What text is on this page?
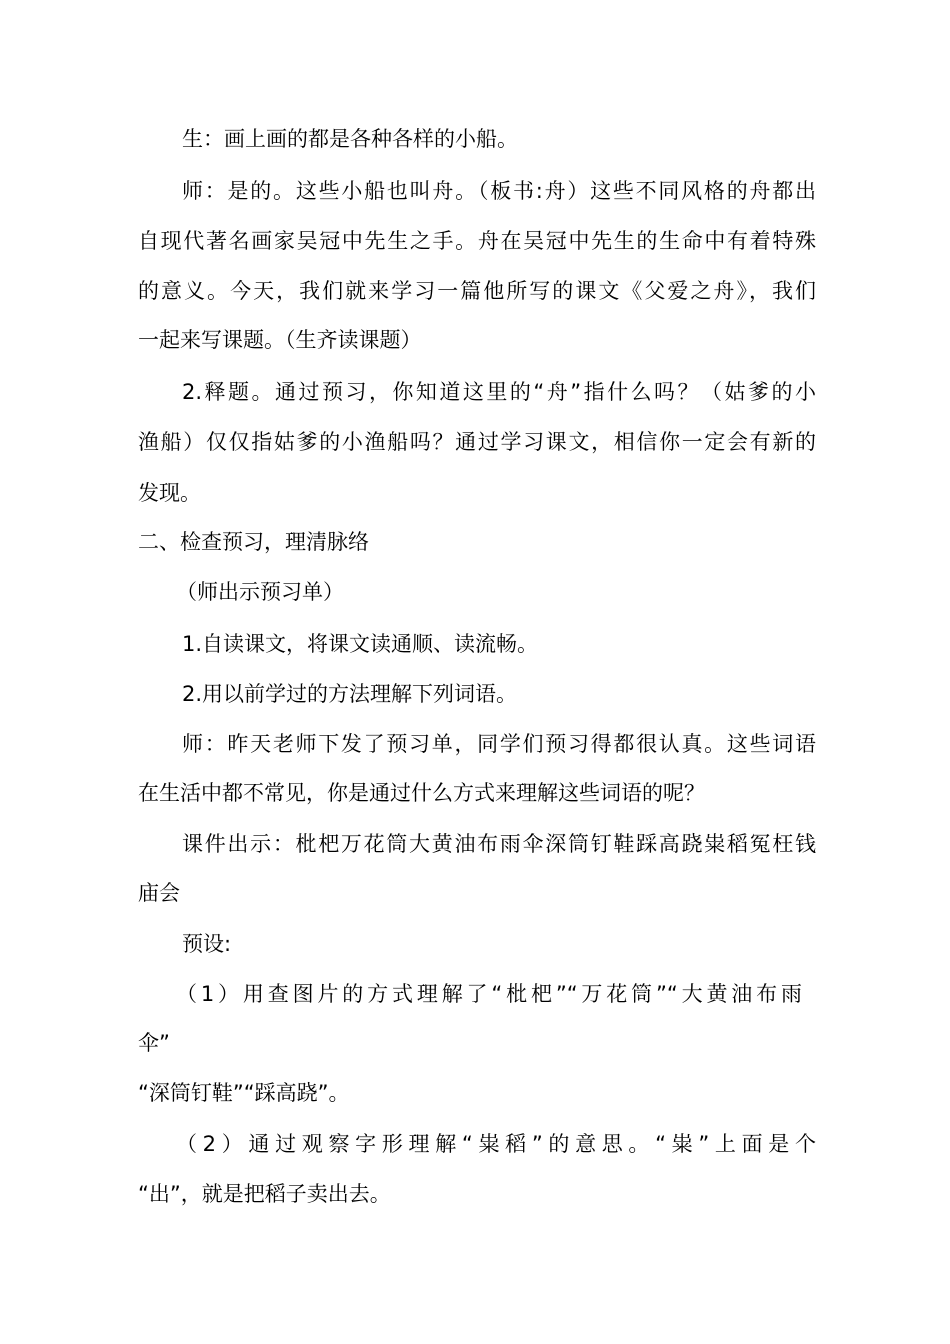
生：画上画的都是各种各样的小船。
师：是的。这些小船也叫舟。（板书:舟）这些不同风格的舟都出
自现代著名画家吴冠中先生之手。舟在吴冠中先生的生命中有着特殊
的意义。今天，我们就来学习一篇他所写的课文《父爱之舟》，我们
一起来写课题。（生齐读课题）
2.释题。通过预习，你知道这里的“舟”指什么吗？（姑爹的小
渔船）仅仅指姑爹的小渔船吗？通过学习课文，相信你一定会有新的
发现。
二、检查预习，理清脉络
（师出示预习单）
1.自读课文，将课文读通顺、读流畅。
2.用以前学过的方法理解下列词语。
师：昨天老师下发了预习单，同学们预习得都很认真。这些词语
在生活中都不常见，你是通过什么方式来理解这些词语的呢？
课件出示：枇杷万花筒大黄油布雨伞深筒钉鞋踩高跷粜稻冤枉钱
庙会
预设:
（1）用查图片的方式理解了“枇杷”“万花筒”“大黄油布雨
伞”
“深筒钉鞋”“踩高跷”。
（2）通过观察字形理解“粜稻”的意思。“粜”上面是个
“出”，就是把稻子卖出去。
